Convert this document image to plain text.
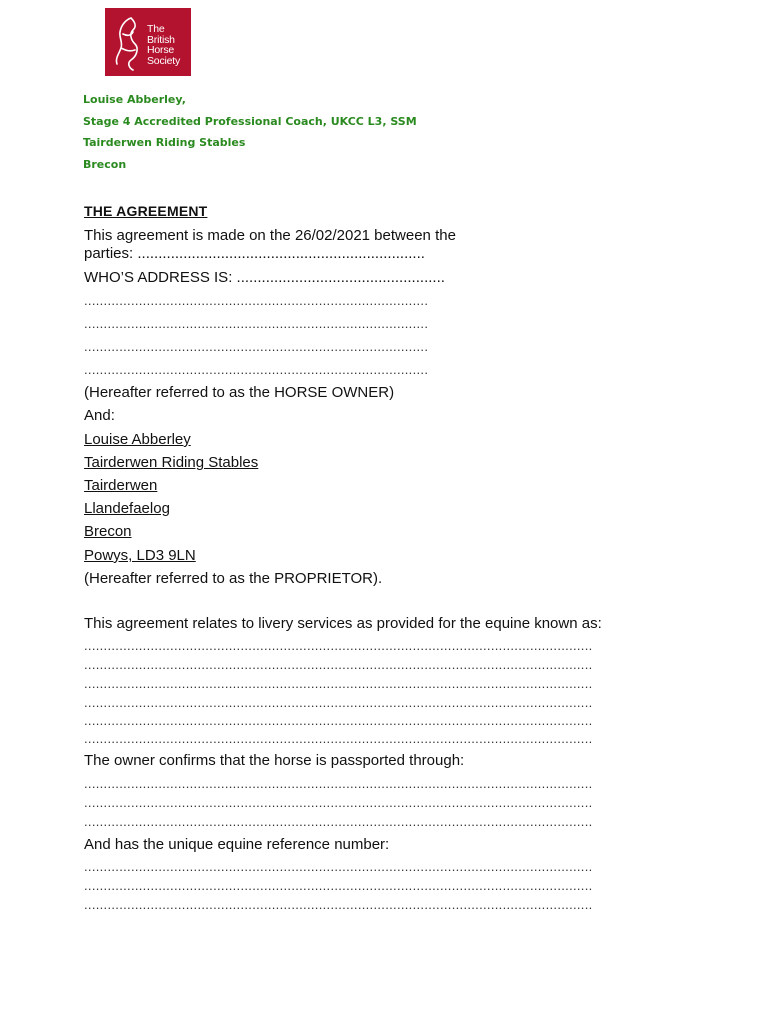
The
British
Horse
Society
Louise Abberley,
Stage 4 Accredited Professional Coach, UKCC L3, SSM
Tairderwen Riding Stables
Brecon
THE AGREEMENT
This agreement is made on the 26/02/2021 between the
parties: .....................................................................
WHO’S ADDRESS IS: ..................................................
........................................................................................
........................................................................................
........................................................................................
........................................................................................
(Hereafter referred to as the HORSE OWNER)
And:
Louise Abberley
Tairderwen Riding Stables
Tairderwen
Llandefaelog
Brecon
Powys, LD3 9LN
(Hereafter referred to as the PROPRIETOR).
This agreement relates to livery services as provided for the equine known as:
..................................................................................................................................
..................................................................................................................................
..................................................................................................................................
..................................................................................................................................
..................................................................................................................................
..................................................................................................................................
The owner confirms that the horse is passported through:
..................................................................................................................................
..................................................................................................................................
..................................................................................................................................
And has the unique equine reference number:
..................................................................................................................................
..................................................................................................................................
..................................................................................................................................
